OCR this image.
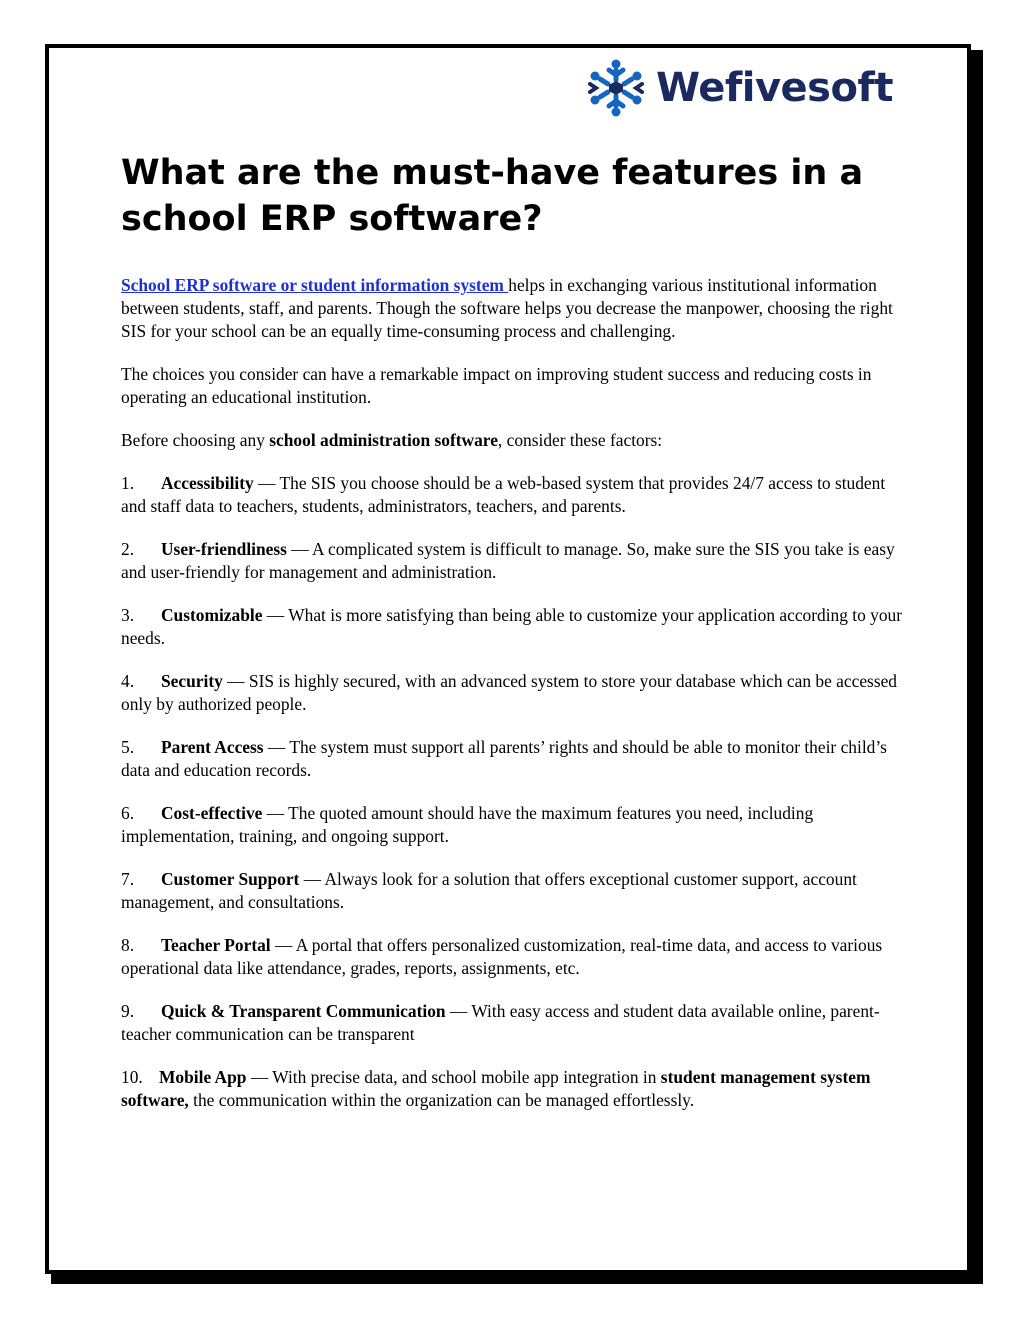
Wefivesoft
What are the must-have features in a school ERP software?

School ERP software or student information system helps in exchanging various institutional information between students, staff, and parents. Though the software helps you decrease the manpower, choosing the right SIS for your school can be an equally time-consuming process and challenging.

The choices you consider can have a remarkable impact on improving student success and reducing costs in operating an educational institution.

Before choosing any school administration software, consider these factors:

1. Accessibility — The SIS you choose should be a web-based system that provides 24/7 access to student and staff data to teachers, students, administrators, teachers, and parents.

2. User-friendliness — A complicated system is difficult to manage. So, make sure the SIS you take is easy and user-friendly for management and administration.

3. Customizable — What is more satisfying than being able to customize your application according to your needs.

4. Security — SIS is highly secured, with an advanced system to store your database which can be accessed only by authorized people.

5. Parent Access — The system must support all parents’ rights and should be able to monitor their child’s data and education records.

6. Cost-effective — The quoted amount should have the maximum features you need, including implementation, training, and ongoing support.

7. Customer Support — Always look for a solution that offers exceptional customer support, account management, and consultations.

8. Teacher Portal — A portal that offers personalized customization, real-time data, and access to various operational data like attendance, grades, reports, assignments, etc.

9. Quick & Transparent Communication — With easy access and student data available online, parent-teacher communication can be transparent

10. Mobile App — With precise data, and school mobile app integration in student management system software, the communication within the organization can be managed effortlessly.
